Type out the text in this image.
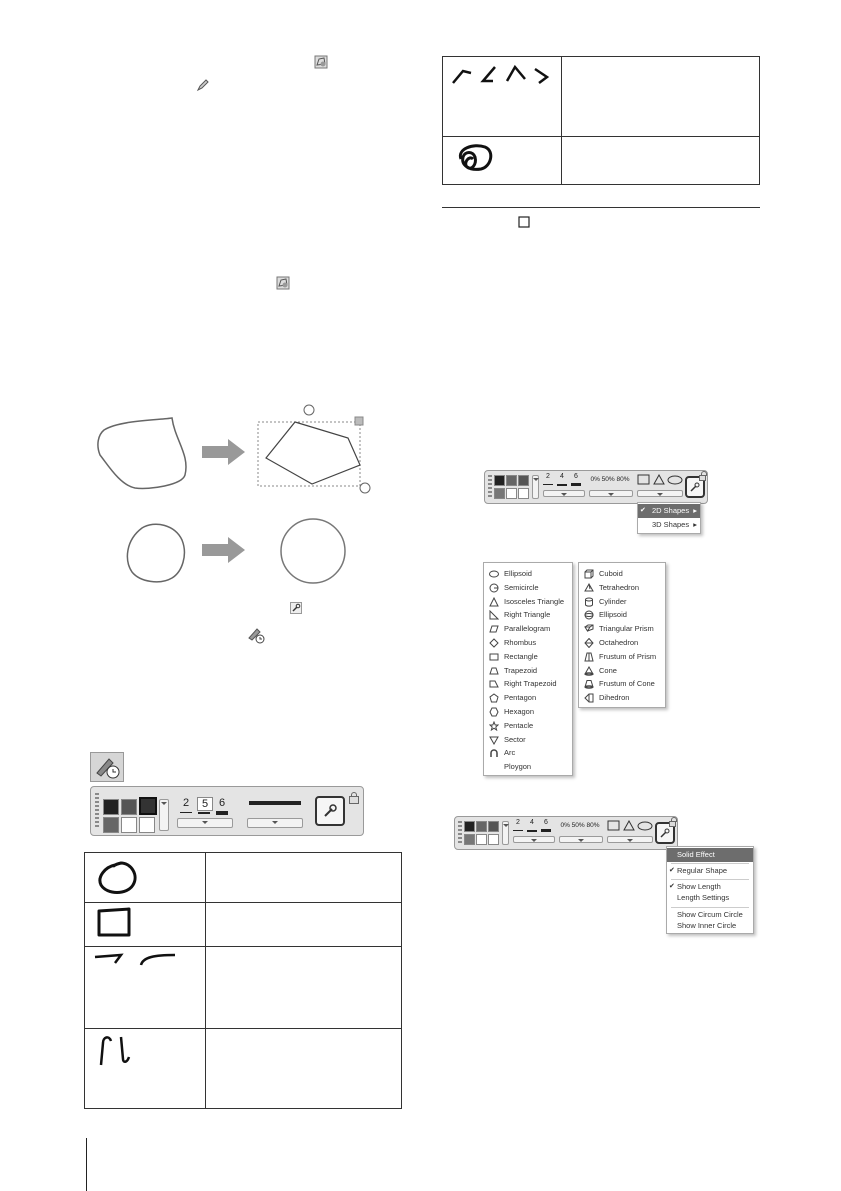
2	5 6

2	4	6	0% 50% 80%
✔ 2D Shapes ▸
3D Shapes ▸
Ellipsoid
Semicircle
Isosceles Triangle
Right Triangle
Parallelogram
Rhombus
Rectangle
Trapezoid
Right Trapezoid
Pentagon
Hexagon
Pentacle
Sector
Arc
Ploygon
Cuboid
Tetrahedron
Cylinder
Ellipsoid
Triangular Prism
Octahedron
Frustum of Prism
Cone
Frustum of Cone
Dihedron
2	4	6	0% 50% 80%
Solid Effect
✔ Regular Shape
✔ Show Length
Length Settings
Show Circum Circle
Show Inner Circle
